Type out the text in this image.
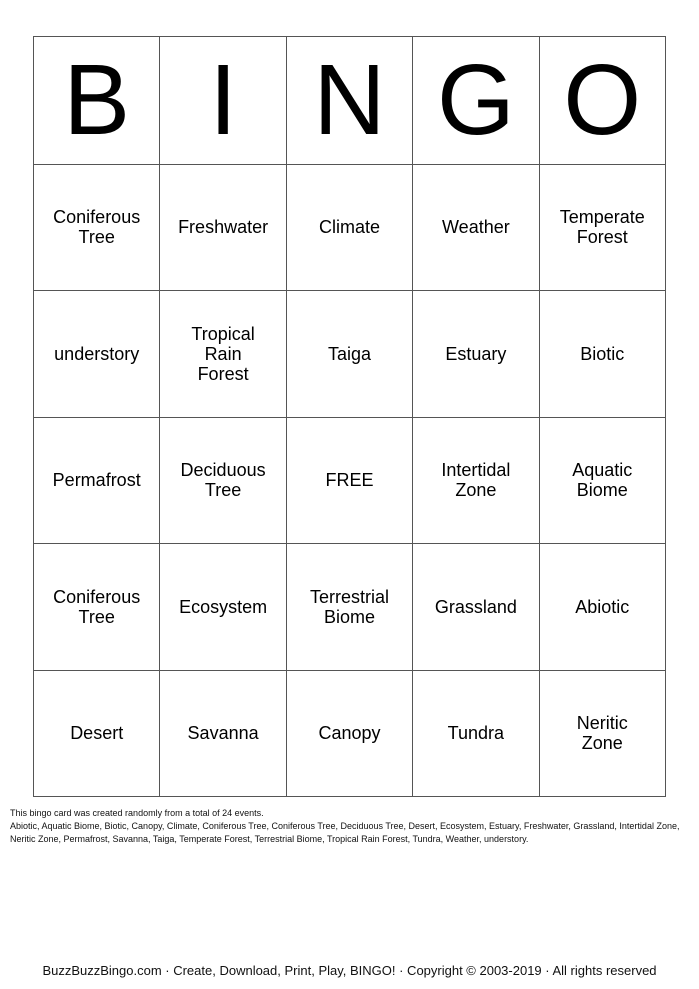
B	I	N	G	O
Coniferous Tree	Freshwater	Climate	Weather	Temperate Forest
understory	Tropical Rain Forest	Taiga	Estuary	Biotic
Permafrost	Deciduous Tree	FREE	Intertidal Zone	Aquatic Biome
Coniferous Tree	Ecosystem	Terrestrial Biome	Grassland	Abiotic
Desert	Savanna	Canopy	Tundra	Neritic Zone
This bingo card was created randomly from a total of 24 events.
Abiotic, Aquatic Biome, Biotic, Canopy, Climate, Coniferous Tree, Coniferous Tree, Deciduous Tree, Desert, Ecosystem, Estuary, Freshwater, Grassland, Intertidal Zone, Neritic Zone, Permafrost, Savanna, Taiga, Temperate Forest, Terrestrial Biome, Tropical Rain Forest, Tundra, Weather, understory.
BuzzBuzzBingo.com · Create, Download, Print, Play, BINGO! · Copyright © 2003-2019 · All rights reserved
